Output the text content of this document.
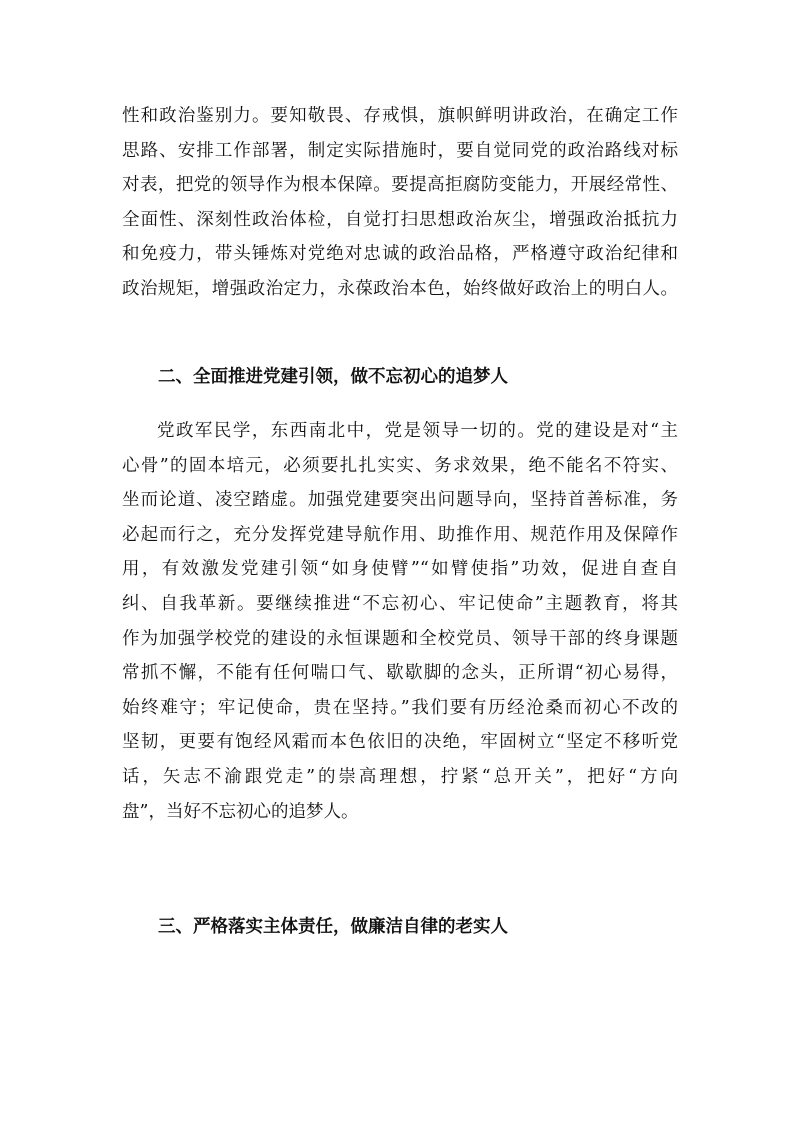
性和政治鉴别力。要知敬畏、存戒惧，旗帜鲜明讲政治，在确定工作
思路、安排工作部署，制定实际措施时，要自觉同党的政治路线对标
对表，把党的领导作为根本保障。要提高拒腐防变能力，开展经常性、
全面性、深刻性政治体检，自觉打扫思想政治灰尘，增强政治抵抗力
和免疫力，带头锤炼对党绝对忠诚的政治品格，严格遵守政治纪律和
政治规矩，增强政治定力，永葆政治本色，始终做好政治上的明白人。
二、全面推进党建引领，做不忘初心的追梦人
党政军民学，东西南北中，党是领导一切的。党的建设是对“主
心骨”的固本培元，必须要扎扎实实、务求效果，绝不能名不符实、
坐而论道、凌空踏虚。加强党建要突出问题导向，坚持首善标准，务
必起而行之，充分发挥党建导航作用、助推作用、规范作用及保障作
用，有效激发党建引领“如身使臂”“如臂使指”功效，促进自查自
纠、自我革新。要继续推进“不忘初心、牢记使命”主题教育，将其
作为加强学校党的建设的永恒课题和全校党员、领导干部的终身课题
常抓不懈，不能有任何喘口气、歇歇脚的念头，正所谓“初心易得，
始终难守；牢记使命，贵在坚持。”我们要有历经沧桑而初心不改的
坚韧，更要有饱经风霜而本色依旧的决绝，牢固树立“坚定不移听党
话，矢志不渝跟党走”的崇高理想，拧紧“总开关”，把好“方向
盘”，当好不忘初心的追梦人。
三、严格落实主体责任，做廉洁自律的老实人
